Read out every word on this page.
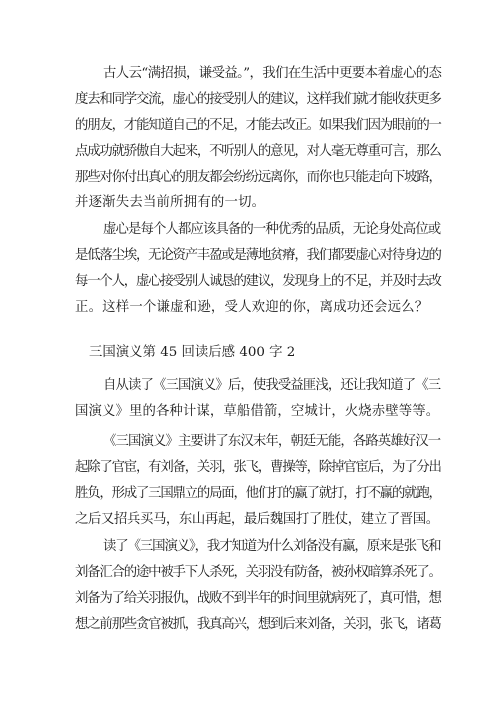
古人云“满招损，谦受益。”，我们在生活中更要本着虚心的态
度去和同学交流，虚心的接受别人的建议，这样我们就才能收获更多
的朋友，才能知道自己的不足，才能去改正。如果我们因为眼前的一
点成功就骄傲自大起来，不听别人的意见，对人毫无尊重可言，那么
那些对你付出真心的朋友都会纷纷远离你，而你也只能走向下坡路，
并逐渐失去当前所拥有的一切。
虚心是每个人都应该具备的一种优秀的品质，无论身处高位或
是低落尘埃，无论资产丰盈或是薄地贫瘠，我们都要虚心对待身边的
每一个人，虚心接受别人诚恳的建议，发现身上的不足，并及时去改
正。这样一个谦虚和逊，受人欢迎的你，离成功还会远么？
三国演义第 45 回读后感 400 字 2
自从读了《三国演义》后，使我受益匪浅，还让我知道了《三
国演义》里的各种计谋，草船借箭，空城计，火烧赤壁等等。
《三国演义》主要讲了东汉末年，朝廷无能，各路英雄好汉一
起除了官宦，有刘备，关羽，张飞，曹操等，除掉官宦后，为了分出
胜负，形成了三国鼎立的局面，他们打的赢了就打，打不赢的就跑，
之后又招兵买马，东山再起，最后魏国打了胜仗，建立了晋国。
读了《三国演义》，我才知道为什么刘备没有赢，原来是张飞和
刘备汇合的途中被手下人杀死，关羽没有防备，被孙权暗算杀死了。
刘备为了给关羽报仇，战败不到半年的时间里就病死了，真可惜，想
想之前那些贪官被抓，我真高兴，想到后来刘备，关羽，张飞，诸葛
